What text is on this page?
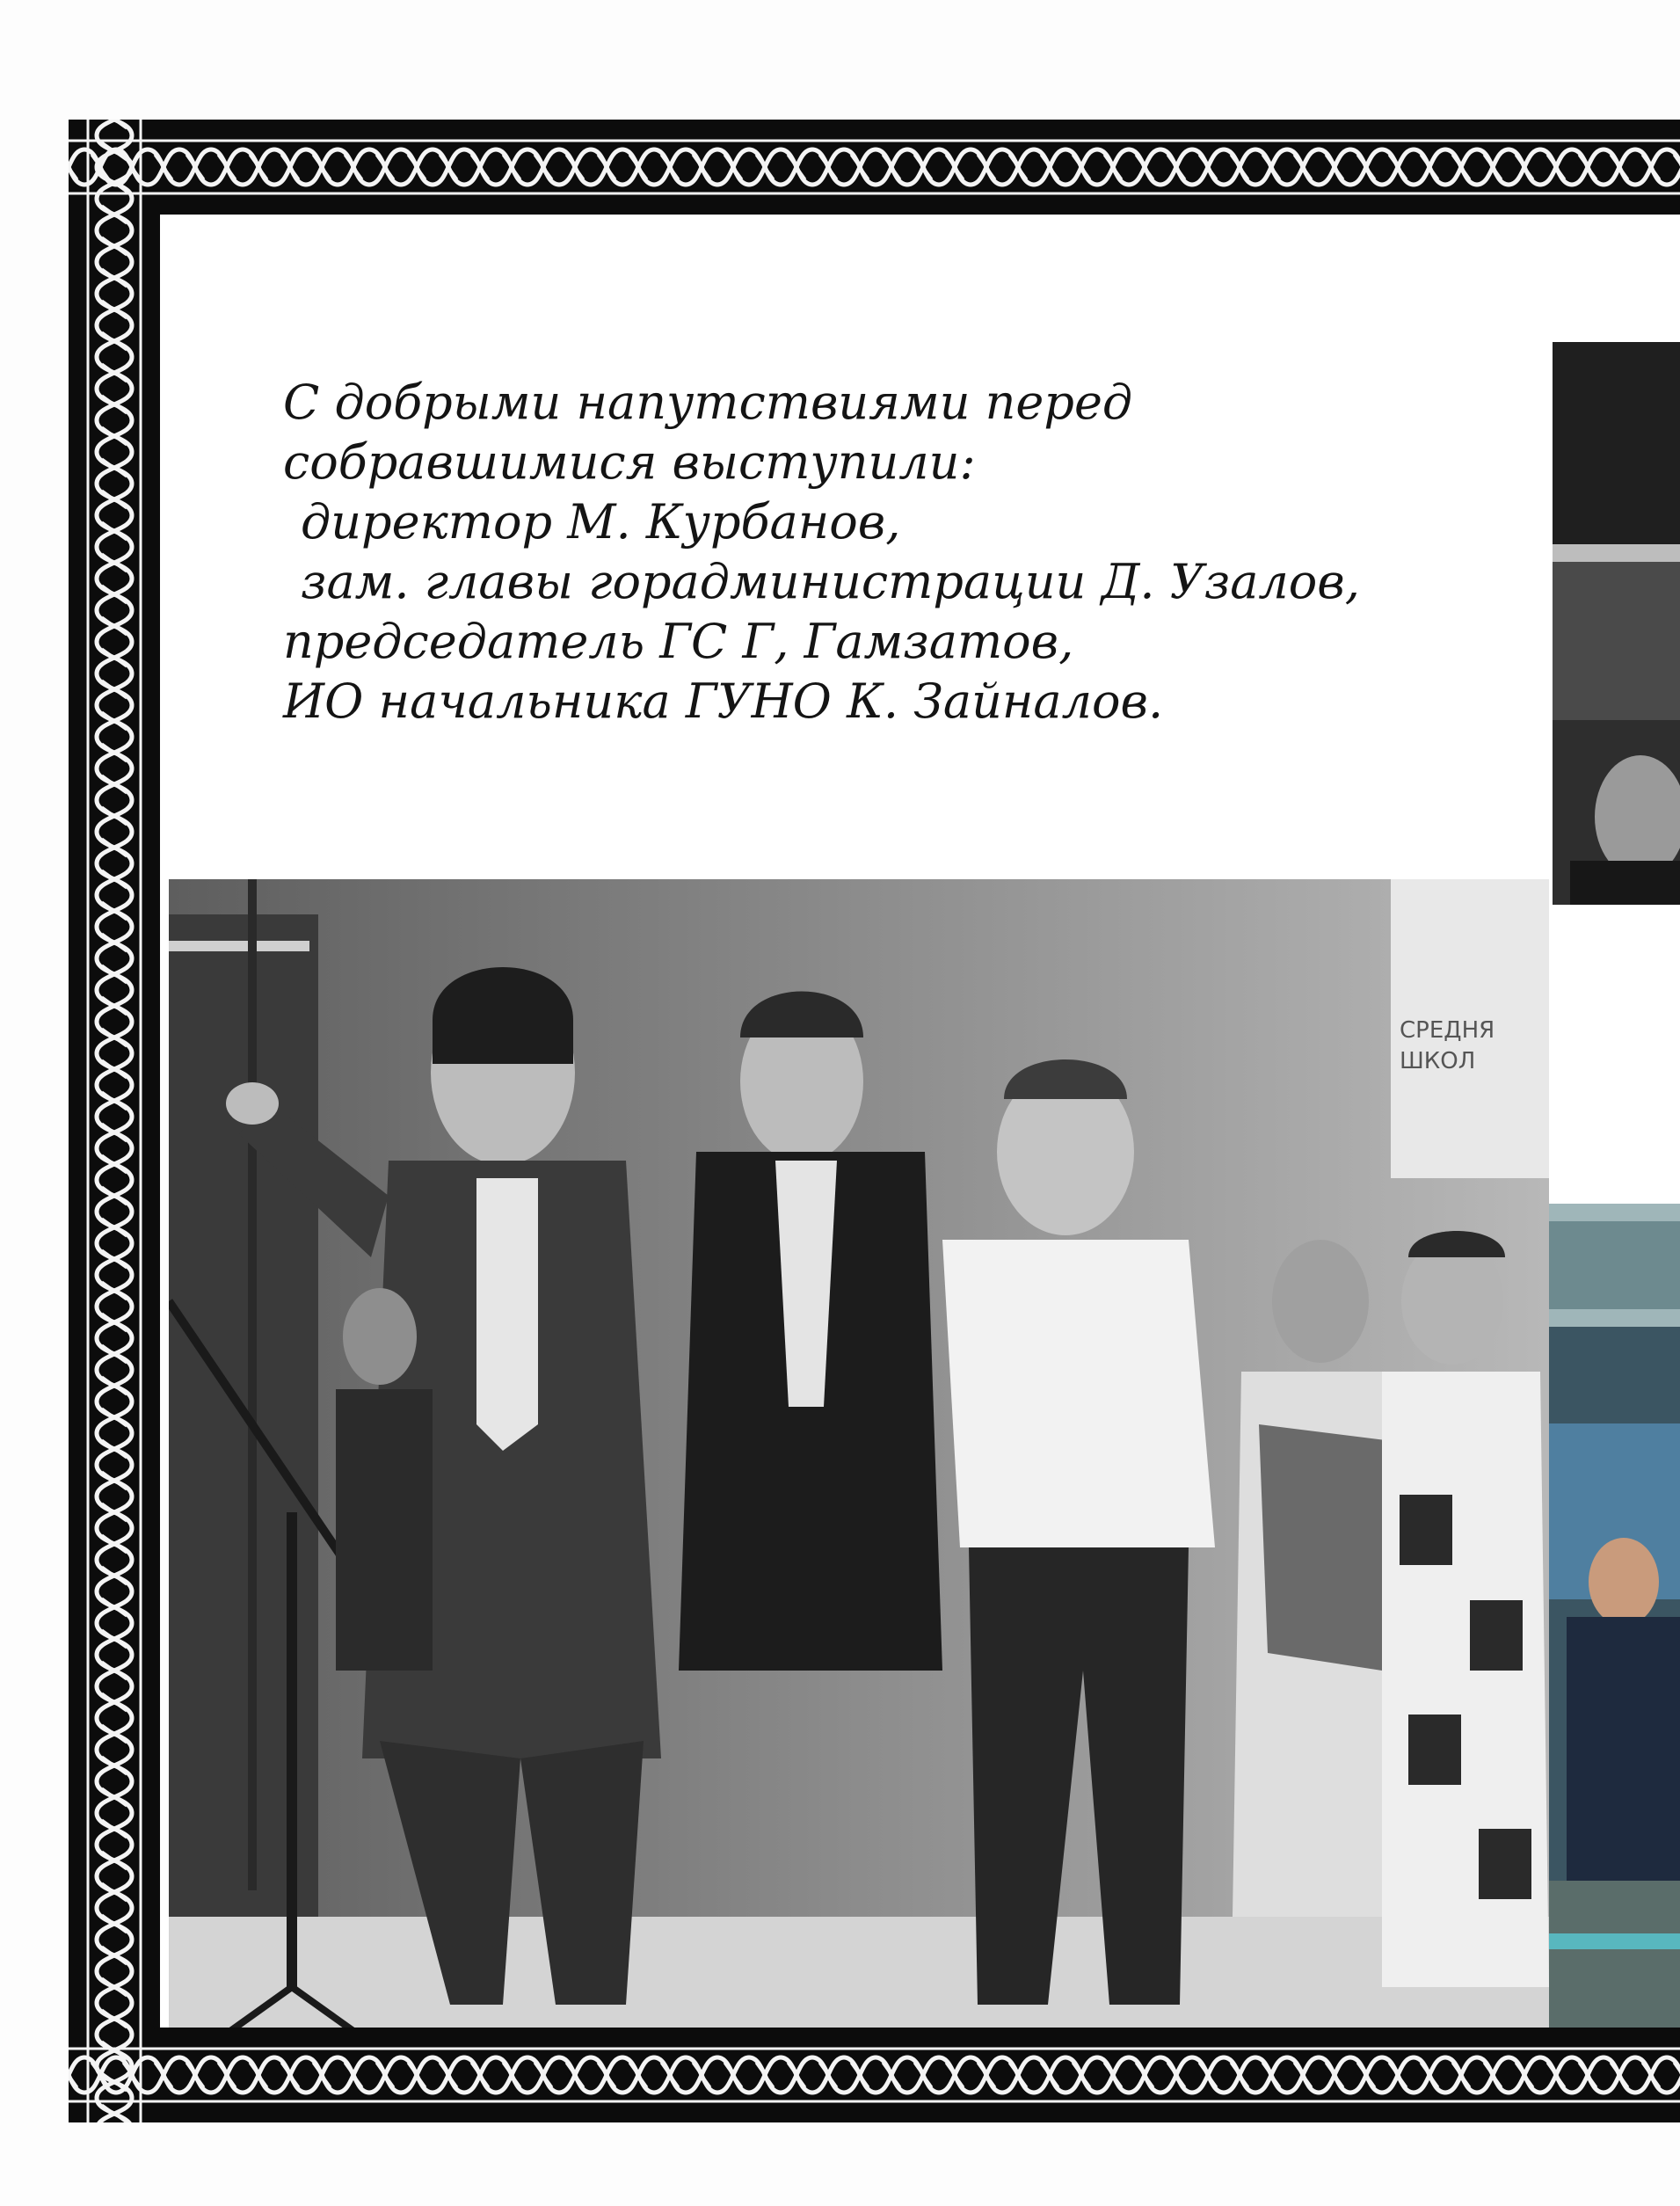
С добрыми напутствиями перед
собравшимися выступили:
директор М. Курбанов,
зам. главы горадминистрации Д. Узалов,
председатель ГС Г, Гамзатов,
ИО начальника ГУНО К. Зайналов.

СРЕДНЯ
ШКОЛ
